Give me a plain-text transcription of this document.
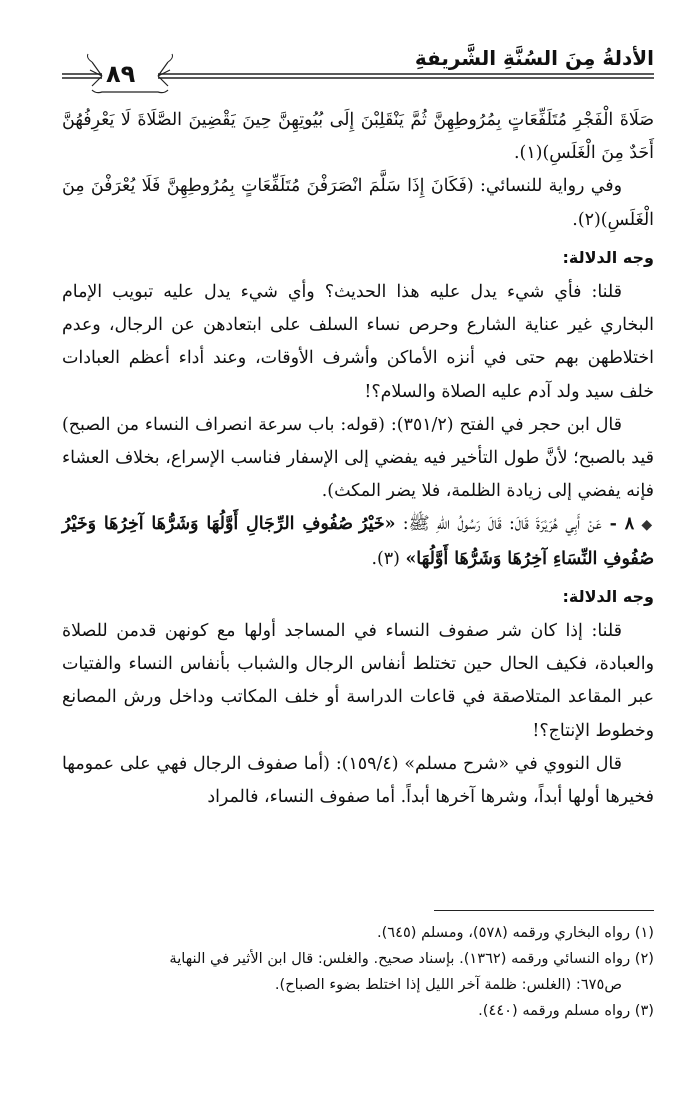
٨٩
الأدلةُ مِنَ السُنَّةِ الشَّريفةِ

صَلَاةَ الْفَجْرِ مُتَلَفِّعَاتٍ بِمُرُوطِهِنَّ ثُمَّ يَنْقَلِبْنَ إِلَى بُيُوتِهِنَّ حِينَ يَقْضِينَ الصَّلَاةَ لَا يَعْرِفُهُنَّ أَحَدٌ مِنَ الْغَلَسِ)(١).

وفي رواية للنسائي: (فَكَانَ إِذَا سَلَّمَ انْصَرَفْنَ مُتَلَفِّعَاتٍ بِمُرُوطِهِنَّ فَلَا يُعْرَفْنَ مِنَ الْغَلَسِ)(٢).

وجه الدلالة:

قلنا: فأي شيء يدل عليه هذا الحديث؟ وأي شيء يدل عليه تبويب الإمام البخاري غير عناية الشارع وحرص نساء السلف على ابتعادهن عن الرجال، وعدم اختلاطهن بهم حتى في أنزه الأماكن وأشرف الأوقات، وعند أداء أعظم العبادات خلف سيد ولد آدم عليه الصلاة والسلام؟!

قال ابن حجر في الفتح (٣٥١/٢): (قوله: باب سرعة انصراف النساء من الصبح) قيد بالصبح؛ لأنَّ طول التأخير فيه يفضي إلى الإسفار فناسب الإسراع، بخلاف العشاء فإنه يفضي إلى زيادة الظلمة، فلا يضر المكث).

◆ ٨ - عَنْ أَبِي هُرَيْرَةَ قَالَ: قَالَ رَسُولُ اللهِ ﷺ: «خَيْرُ صُفُوفِ الرِّجَالِ أَوَّلُهَا وَشَرُّهَا آخِرُهَا وَخَيْرُ صُفُوفِ النِّسَاءِ آخِرُهَا وَشَرُّهَا أَوَّلُهَا» (٣).

وجه الدلالة:

قلنا: إذا كان شر صفوف النساء في المساجد أولها مع كونهن قدمن للصلاة والعبادة، فكيف الحال حين تختلط أنفاس الرجال والشباب بأنفاس النساء والفتيات عبر المقاعد المتلاصقة في قاعات الدراسة أو خلف المكاتب وداخل ورش المصانع وخطوط الإنتاج؟!

قال النووي في «شرح مسلم» (١٥٩/٤): (أما صفوف الرجال فهي على عمومها فخيرها أولها أبداً، وشرها آخرها أبداً. أما صفوف النساء، فالمراد

(١) رواه البخاري ورقمه (٥٧٨)، ومسلم (٦٤٥).

(٢) رواه النسائي ورقمه (١٣٦٢). بإسناد صحيح. والغلس: قال ابن الأثير في النهاية

ص٦٧٥: (الغلس: ظلمة آخر الليل إذا اختلط بضوء الصباح).

(٣) رواه مسلم ورقمه (٤٤٠).
